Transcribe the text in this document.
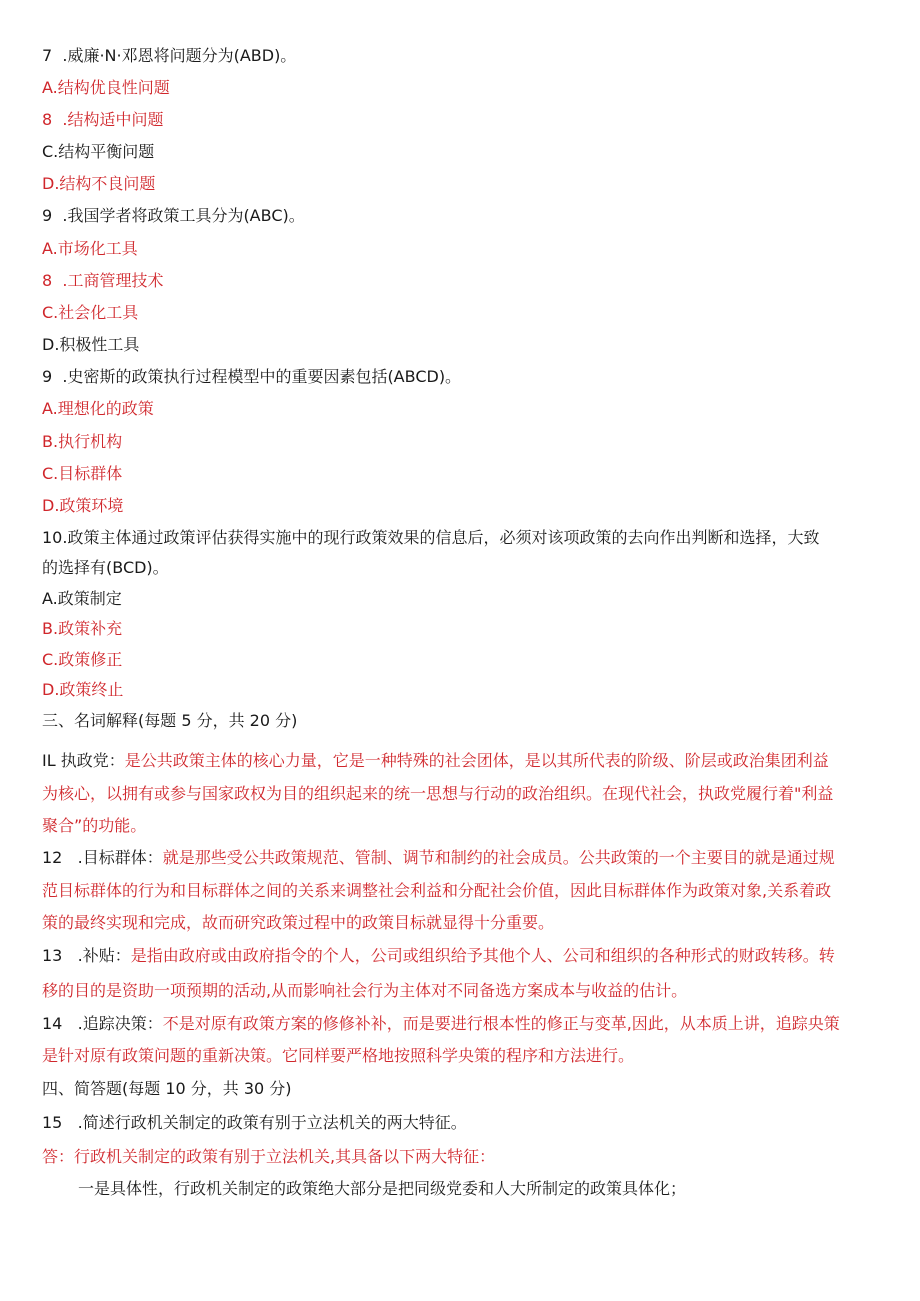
7  .威廉·N·邓恩将问题分为(ABD)。
A.结构优良性问题
8  .结构适中问题
C.结构平衡问题
D.结构不良问题
9  .我国学者将政策工具分为(ABC)。
A.市场化工具
8  .工商管理技术
C.社会化工具
D.积极性工具
9  .史密斯的政策执行过程模型中的重要因素包括(ABCD)。
A.理想化的政策
B.执行机构
C.目标群体
D.政策环境
10.政策主体通过政策评估获得实施中的现行政策效果的信息后，必须对该项政策的去向作出判断和选择，大致
的选择有(BCD)。
A.政策制定
B.政策补充
C.政策修正
D.政策终止
三、名词解释(每题 5 分，共 20 分)
IL 执政党：是公共政策主体的核心力量，它是一种特殊的社会团体，是以其所代表的阶级、阶层或政治集团利益
为核心，以拥有或参与国家政权为目的组织起来的统一思想与行动的政治组织。在现代社会，执政党履行着"利益
聚合”的功能。
12   .目标群体：就是那些受公共政策规范、管制、调节和制约的社会成员。公共政策的一个主要目的就是通过规
范目标群体的行为和目标群体之间的关系来调整社会利益和分配社会价值，因此目标群体作为政策对象,关系着政
策的最终实现和完成，故而研究政策过程中的政策目标就显得十分重要。
13   .补贴：是指由政府或由政府指令的个人，公司或组织给予其他个人、公司和组织的各种形式的财政转移。转
移的目的是资助一项预期的活动,从而影响社会行为主体对不同备选方案成本与收益的估计。
14   .追踪决策：不是对原有政策方案的修修补补，而是要进行根本性的修正与变革,因此，从本质上讲，追踪央策
是针对原有政策问题的重新决策。它同样要严格地按照科学央策的程序和方法进行。
四、简答题(每题 10 分，共 30 分)
15   .简述行政机关制定的政策有别于立法机关的两大特征。
答：行政机关制定的政策有别于立法机关,其具备以下两大特征：
一是具体性，行政机关制定的政策绝大部分是把同级党委和人大所制定的政策具体化；
